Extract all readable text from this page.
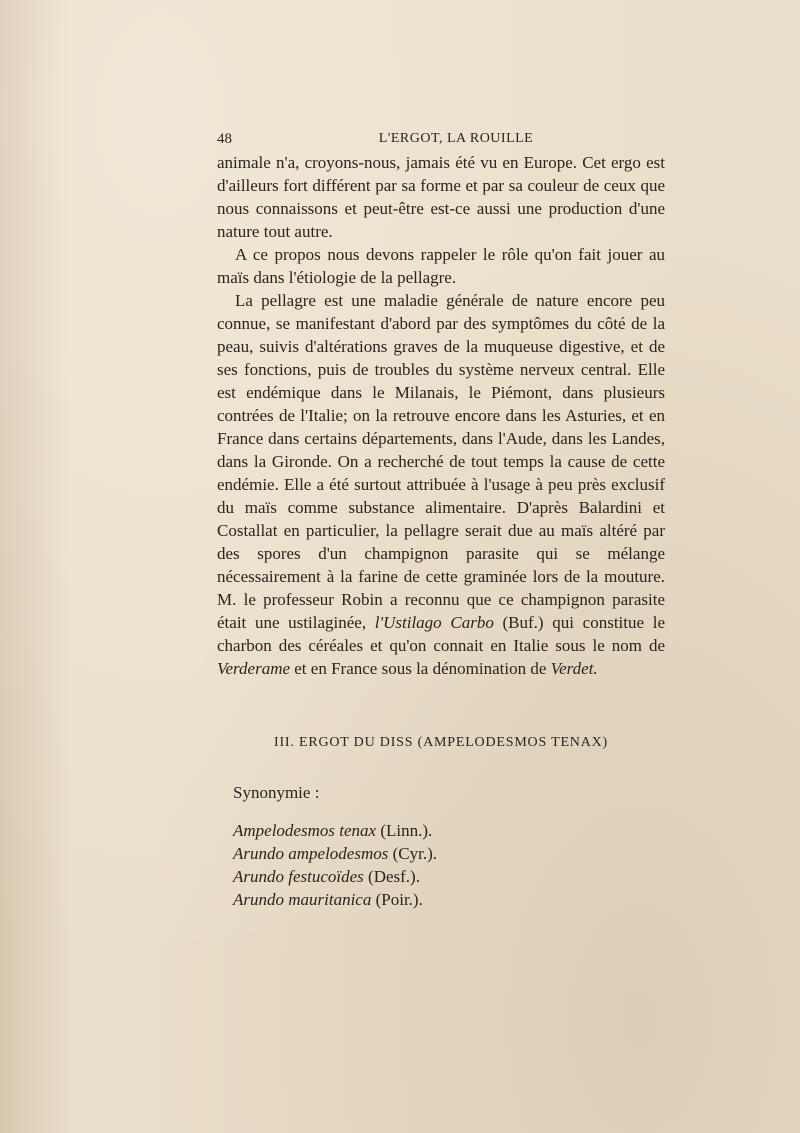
48	L'ERGOT, LA ROUILLE

animale n'a, croyons-nous, jamais été vu en Europe. Cet ergo est d'ailleurs fort différent par sa forme et par sa couleur de ceux que nous connaissons et peut-être est-ce aussi une production d'une nature tout autre.

A ce propos nous devons rappeler le rôle qu'on fait jouer au maïs dans l'étiologie de la pellagre.

La pellagre est une maladie générale de nature encore peu connue, se manifestant d'abord par des symptômes du côté de la peau, suivis d'altérations graves de la muqueuse digestive, et de ses fonctions, puis de troubles du système nerveux central. Elle est endémique dans le Milanais, le Piémont, dans plusieurs contrées de l'Italie; on la retrouve encore dans les Asturies, et en France dans certains départements, dans l'Aude, dans les Landes, dans la Gironde. On a recherché de tout temps la cause de cette endémie. Elle a été surtout attribuée à l'usage à peu près exclusif du maïs comme substance alimentaire. D'après Balardini et Costallat en particulier, la pellagre serait due au maïs altéré par des spores d'un champignon parasite qui se mélange nécessairement à la farine de cette graminée lors de la mouture. M. le professeur Robin a reconnu que ce champignon parasite était une ustilaginée, l'Ustilago Carbo (Buf.) qui constitue le charbon des céréales et qu'on connait en Italie sous le nom de Verderame et en France sous la dénomination de Verdet.

III. ERGOT DU DISS (AMPELODESMOS TENAX)
Synonymie :
Ampelodesmos tenax (Linn.).
Arundo ampelodesmos (Cyr.).
Arundo festucoïdes (Desf.).
Arundo mauritanica (Poir.).
